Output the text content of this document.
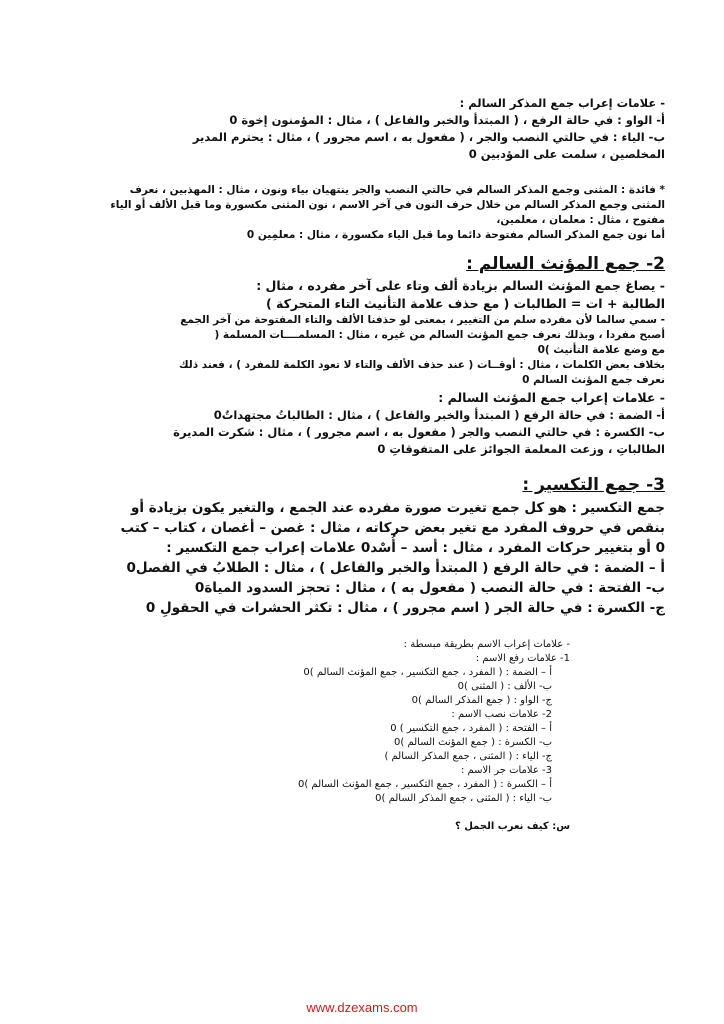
- علامات إعراب جمع المذكر السالم :
أ- الواو : في حالة الرفع ، ( المبتدأ والخبر والفاعل ) ، مثال : المؤمنون إخوة 0
ب- الياء : في حالتي النصب والجر ، ( مفعول به ، اسم مجرور ) ، مثال : يحترم المدير
المخلصين ، سلمت على المؤدبين 0
* فائدة : المثنى وجمع المذكر السالم في حالتي النصب والجر ينتهيان بياء ونون ، مثال : المهذبين ، نعرف
المثنى وجمع المذكر السالم من خلال حرف النون في آخر الاسم ، نون المثنى مكسورة وما قبل الألف أو الياء
مفتوح ، مثال : معلمان ، معلمين،
أما نون جمع المذكر السالم مفتوحة دائما وما قبل الياء مكسورة ، مثال : معلمِين 0
2- جمع المؤنث السالم :
- يصاغ جمع المؤنث السالم بزيادة ألف وتاء على آخر مفرده ، مثال :
الطالبة + ات = الطالبات ( مع حذف علامة التأنيث التاء المتحركة )
- سمي سالما لأن مفرده سلم من التغيير ، بمعنى لو حذفنا الألف والتاء المفتوحة من آخر الجمع
أصبح مفردا ، وبذلك نعرف جمع المؤنث السالم من غيره ، مثال : المسلمــــات المسلمة (
مع وضع علامة التأنيث )0
بخلاف بعض الكلمات ، مثال : أوقــات ( عند حذف الألف والتاء لا تعود الكلمة للمفرد ) ، فعند ذلك
نعرف جمع المؤنث السالم 0
- علامات إعراب جمع المؤنث السالم :
أ- الضمة : في حالة الرفع ( المبتدأ والخبر والفاعل ) ، مثال : الطالباتُ مجتهداتٌ0
ب- الكسرة : في حالتي النصب والجر ( مفعول به ، اسم مجرور ) ، مثال : شكرت المديرة
الطالباتِ ، وزعت المعلمة الجوائز على المتفوقاتِ 0
3- جمع التكسير :
جمع التكسير : هو كل جمع تغيرت صورة مفرده عند الجمع ، والتغير يكون بزيادة أو
بنقص في حروف المفرد مع تغير بعض حركاته ، مثال : غصن – أغصان ، كتاب – كتب
0 أو بتغيير حركات المفرد ، مثال : أسد – أُسْد0 علامات إعراب جمع التكسير :
أ – الضمة : في حالة الرفع ( المبتدأ والخبر والفاعل ) ، مثال : الطلابُ في الفصل0
ب- الفتحة : في حالة النصب ( مفعول به ) ، مثال : تحجز السدود المياهَ0
ج- الكسرة : في حالة الجر ( اسم مجرور ) ، مثال : تكثر الحشرات في الحقولِ 0
- علامات إعراب الاسم بطريقة مبسطة :
1- علامات رفع الاسم :
أ – الضمة : ( المفرد ، جمع التكسير ، جمع المؤنث السالم )0
ب- الألف : ( المثنى )0
ج- الواو : ( جمع المذكر السالم )0
2- علامات نصب الاسم :
أ – الفتحة : ( المفرد ، جمع التكسير ) 0
ب- الكسرة : ( جمع المؤنث السالم )0
ج- الياء : ( المثنى ، جمع المذكر السالم )
3- علامات جر الاسم :
أ – الكسرة : ( المفرد ، جمع التكسير ، جمع المؤنث السالم )0
ب- الياء : ( المثنى ، جمع المذكر السالم )0
س: كيف نعرب الجمل ؟
www.dzexams.com
